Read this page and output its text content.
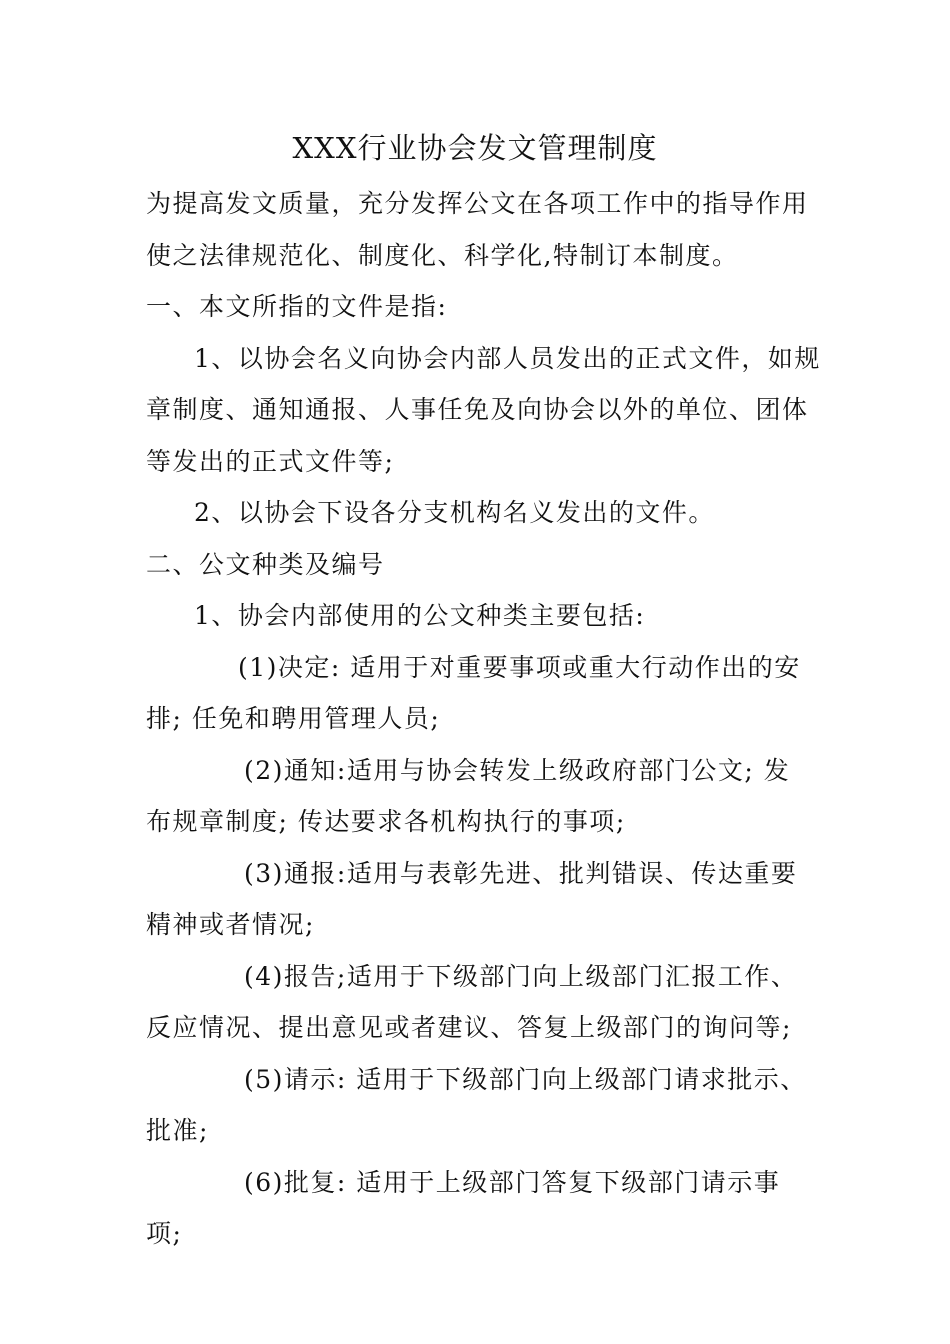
XXX行业协会发文管理制度
为提高发文质量，充分发挥公文在各项工作中的指导作用
使之法律规范化、制度化、科学化,特制订本制度。
一、本文所指的文件是指:
1、以协会名义向协会内部人员发出的正式文件，如规
章制度、通知通报、人事任免及向协会以外的单位、团体
等发出的正式文件等;
2、以协会下设各分支机构名义发出的文件。
二、公文种类及编号
1、协会内部使用的公文种类主要包括:
(1)决定: 适用于对重要事项或重大行动作出的安
排; 任免和聘用管理人员;
(2)通知:适用与协会转发上级政府部门公文; 发
布规章制度; 传达要求各机构执行的事项;
(3)通报:适用与表彰先进、批判错误、传达重要
精神或者情况;
(4)报告;适用于下级部门向上级部门汇报工作、
反应情况、提出意见或者建议、答复上级部门的询问等;
(5)请示: 适用于下级部门向上级部门请求批示、
批准;
(6)批复: 适用于上级部门答复下级部门请示事
项;
